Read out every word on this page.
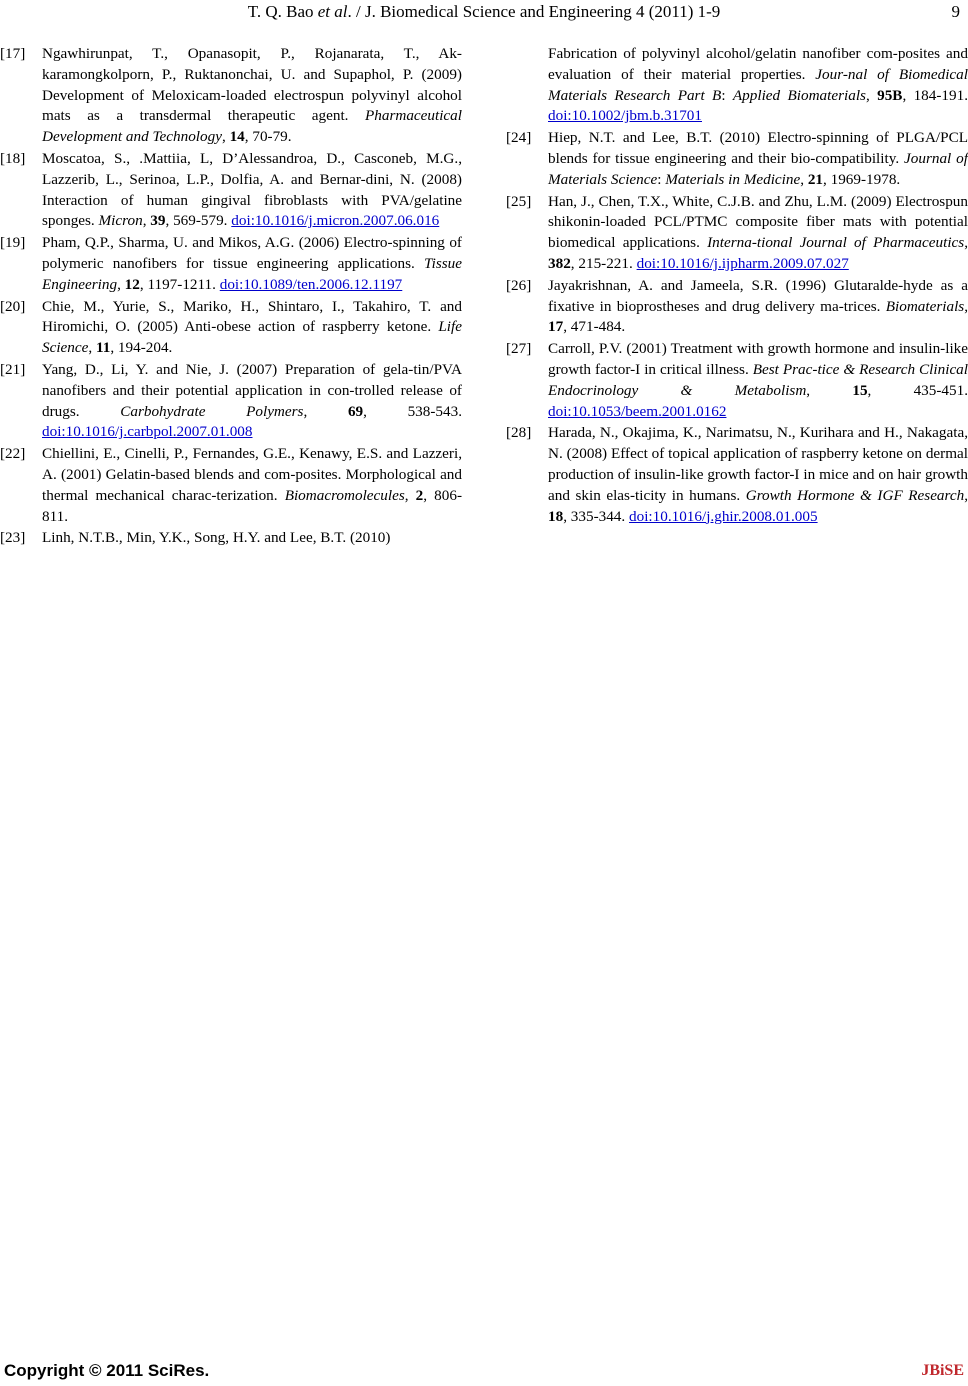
T. Q. Bao et al. / J. Biomedical Science and Engineering 4 (2011) 1-9	9
[17] Ngawhirunpat, T., Opanasopit, P., Rojanarata, T., Ak-karamongkolporn, P., Ruktanonchai, U. and Supaphol, P. (2009) Development of Meloxicam-loaded electrospun polyvinyl alcohol mats as a transdermal therapeutic agent. Pharmaceutical Development and Technology, 14, 70-79.
[18] Moscatoa, S., .Mattiia, L, D’Alessandroa, D., Casconeb, M.G., Lazzerib, L., Serinoa, L.P., Dolfia, A. and Bernar-dini, N. (2008) Interaction of human gingival fibroblasts with PVA/gelatine sponges. Micron, 39, 569-579. doi:10.1016/j.micron.2007.06.016
[19] Pham, Q.P., Sharma, U. and Mikos, A.G. (2006) Electro-spinning of polymeric nanofibers for tissue engineering applications. Tissue Engineering, 12, 1197-1211. doi:10.1089/ten.2006.12.1197
[20] Chie, M., Yurie, S., Mariko, H., Shintaro, I., Takahiro, T. and Hiromichi, O. (2005) Anti-obese action of raspberry ketone. Life Science, 11, 194-204.
[21] Yang, D., Li, Y. and Nie, J. (2007) Preparation of gela-tin/PVA nanofibers and their potential application in con-trolled release of drugs. Carbohydrate Polymers, 69, 538-543. doi:10.1016/j.carbpol.2007.01.008
[22] Chiellini, E., Cinelli, P., Fernandes, G.E., Kenawy, E.S. and Lazzeri, A. (2001) Gelatin-based blends and com-posites. Morphological and thermal mechanical charac-terization. Biomacromolecules, 2, 806- 811.
[23] Linh, N.T.B., Min, Y.K., Song, H.Y. and Lee, B.T. (2010)
Fabrication of polyvinyl alcohol/gelatin nanofiber com-posites and evaluation of their material properties. Jour-nal of Biomedical Materials Research Part B: Applied Biomaterials, 95B, 184-191. doi:10.1002/jbm.b.31701
[24] Hiep, N.T. and Lee, B.T. (2010) Electro-spinning of PLGA/PCL blends for tissue engineering and their bio-compatibility. Journal of Materials Science: Materials in Medicine, 21, 1969-1978.
[25] Han, J., Chen, T.X., White, C.J.B. and Zhu, L.M. (2009) Electrospun shikonin-loaded PCL/PTMC composite fiber mats with potential biomedical applications. Interna-tional Journal of Pharmaceutics, 382, 215-221. doi:10.1016/j.ijpharm.2009.07.027
[26] Jayakrishnan, A. and Jameela, S.R. (1996) Glutaralde-hyde as a fixative in bioprostheses and drug delivery ma-trices. Biomaterials, 17, 471-484.
[27] Carroll, P.V. (2001) Treatment with growth hormone and insulin-like growth factor-I in critical illness. Best Prac-tice & Research Clinical Endocrinology & Metabolism, 15, 435-451. doi:10.1053/beem.2001.0162
[28] Harada, N., Okajima, K., Narimatsu, N., Kurihara and H., Nakagata, N. (2008) Effect of topical application of raspberry ketone on dermal production of insulin-like growth factor-I in mice and on hair growth and skin elas-ticity in humans. Growth Hormone & IGF Research, 18, 335-344. doi:10.1016/j.ghir.2008.01.005
Copyright © 2011 SciRes.	JBiSE
